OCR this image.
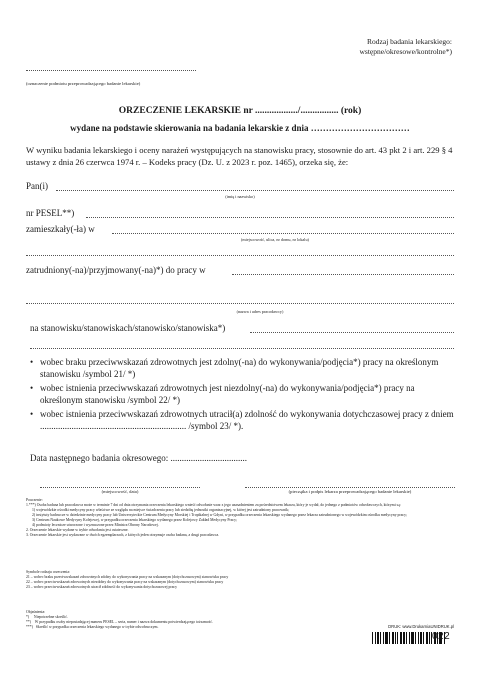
Rodzaj badania lekarskiego:
wstępne/okresowe/kontrolne*)
(oznaczenie podmiotu przeprowadzającego badanie lekarskie)
ORZECZENIE LEKARSKIE nr ................../................ (rok)
wydane na podstawie skierowania na badania lekarskie z dnia ……………………………
W wyniku badania lekarskiego i oceny narażeń występujących na stanowisku pracy, stosownie do art. 43 pkt 2 i art. 229 § 4 ustawy z dnia 26 czerwca 1974 r. – Kodeks pracy (Dz. U. z 2023 r. poz. 1465), orzeka się, że:
Pan(i)
(imię i nazwisko)
nr PESEL**)
zamieszkały(-ła) w
(miejscowość, ulica, nr domu, nr lokalu)
zatrudniony(-na)/przyjmowany(-na)*) do pracy w
(nazwa i adres pracodawcy)
na stanowisku/stanowiskach/stanowisko/stanowiska*)
• wobec braku przeciwwskazań zdrowotnych jest zdolny(-na) do wykonywania/podjęcia*) pracy na określonym stanowisku /symbol 21/ *)
• wobec istnienia przeciwwskazań zdrowotnych jest niezdolny(-na) do wykonywania/podjęcia*) pracy na określonym stanowisku /symbol 22/ *)
• wobec istnienia przeciwwskazań zdrowotnych utracił(a) zdolność do wykonywania dotychczasowej pracy z dniem ................................................................. /symbol 23/ *).
Data następnego badania okresowego: ..................................
(miejscowość, data)	(pieczątka i podpis lekarza przeprowadzającego badanie lekarskie)
Pouczenie:
1.***) Osoba badana lub pracodawca może w terminie 7 dni od dnia otrzymania orzeczenia lekarskiego wnieść odwołanie wraz z jego uzasadnieniem za pośrednictwem lekarza, który je wydał, do jednego z podmiotów odwoławczych, którymi są:
1) wojewódzkie ośrodki medycyny pracy właściwe ze względu na miejsce świadczenia pracy lub siedzibę jednostki organizacyjnej, w której jest zatrudniony pracownik;
2) instytuty badawcze w dziedzinie medycyny pracy lub Uniwersyteckie Centrum Medycyny Morskiej i Tropikalnej w Gdyni, w przypadku orzeczenia lekarskiego wydanego przez lekarza zatrudnionego w wojewódzkim ośrodku medycyny pracy;
3) Centrum Naukowe Medycyny Kolejowej, w przypadku orzeczenia lekarskiego wydanego przez Kolejowy Zakład Medycyny Pracy;
4) podmioty lecznicze utworzone i wyznaczone przez Ministra Obrony Narodowej.
2. Orzeczenie lekarskie wydane w trybie odwołania jest ostateczne.
3. Orzeczenie lekarskie jest wydawane w dwóch egzemplarzach, z których jeden otrzymuje osoba badana, a drugi pracodawca.
Symbole rodzaju orzeczenia:
21 – wobec braku przeciwwskazań zdrowotnych zdolny do wykonywania pracy na wskazanym (dotychczasowym) stanowisku pracy
22 – wobec przeciwwskazań zdrowotnych niezdolny do wykonywania pracy na wskazanym (dotychczasowym) stanowisku pracy
23 – wobec przeciwwskazań zdrowotnych utracił zdolność do wykonywania dotychczasowej pracy
Objaśnienia:
*)     Niepotrzebne skreślić.
**)    W przypadku osoby nieposiadającej numeru PESEL – seria, numer i nazwa dokumentu potwierdzającego tożsamość.
***)   Skreślić w przypadku orzeczenia lekarskiego wydanego w trybie odwoławczym.	DRUK: www.DrukarniaUNIDRUK.pl
022
